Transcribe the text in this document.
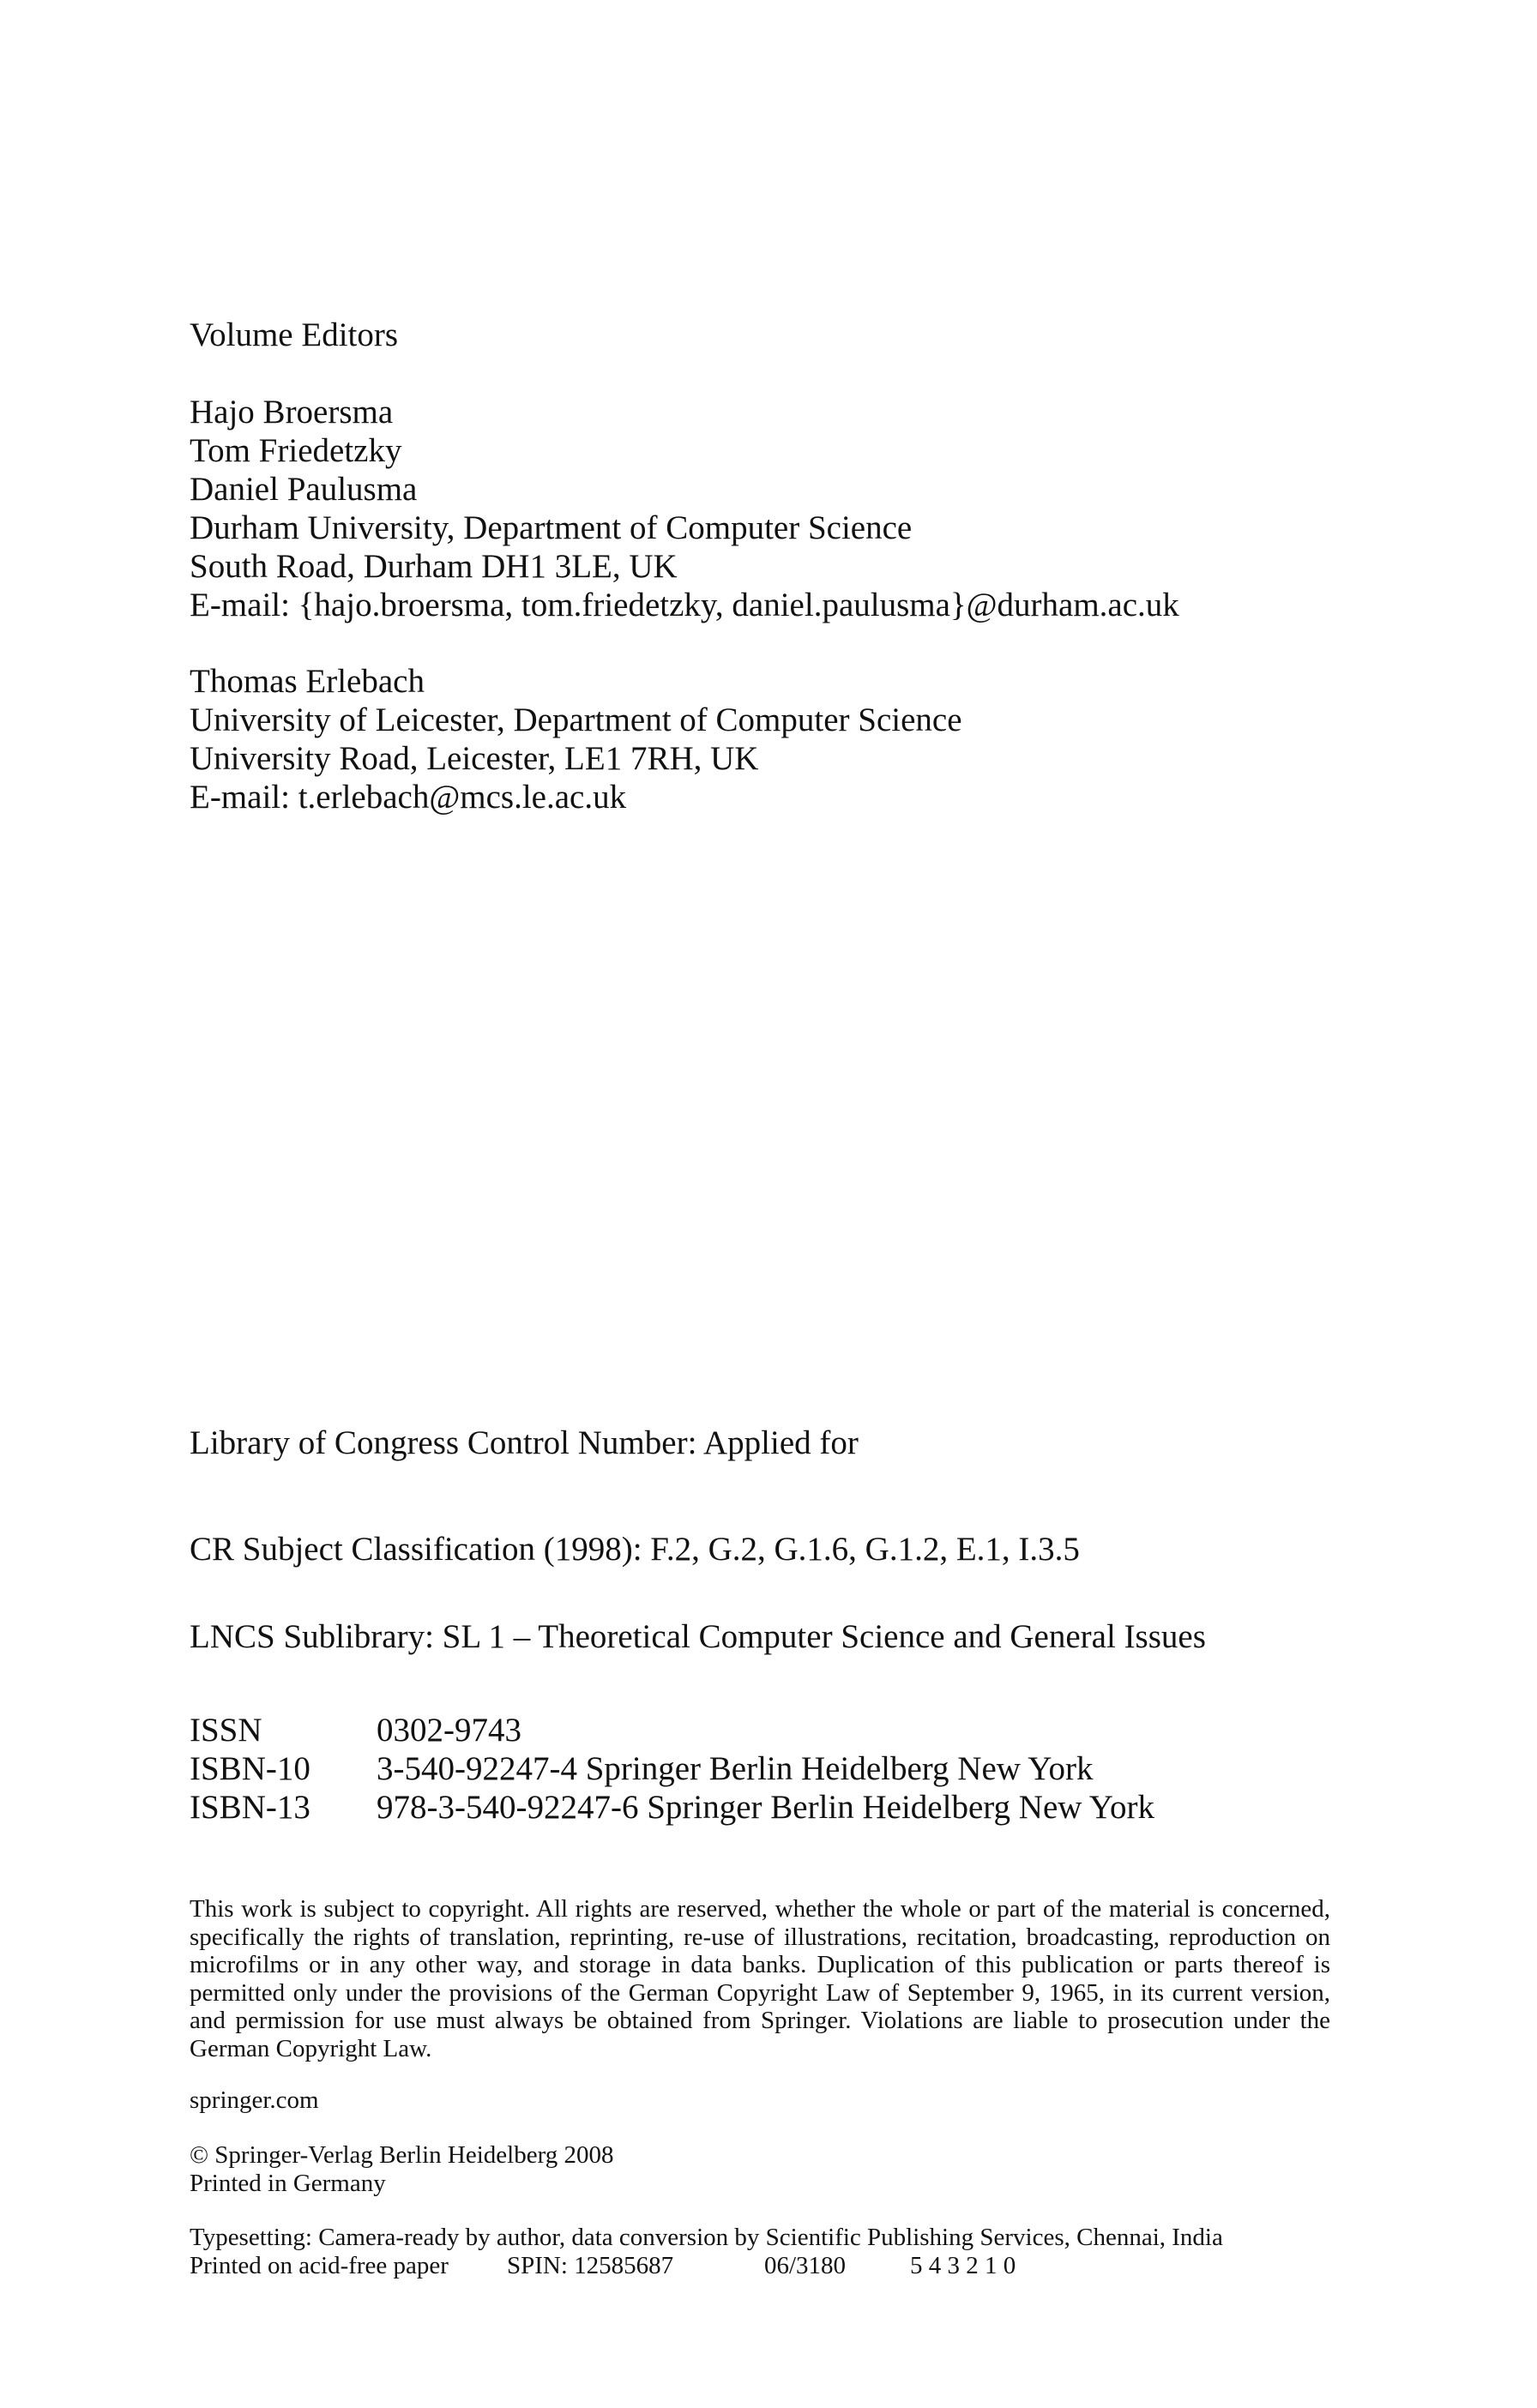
Volume Editors
Hajo Broersma
Tom Friedetzky
Daniel Paulusma
Durham University, Department of Computer Science
South Road, Durham DH1 3LE, UK
E-mail: {hajo.broersma, tom.friedetzky, daniel.paulusma}@durham.ac.uk
Thomas Erlebach
University of Leicester, Department of Computer Science
University Road, Leicester, LE1 7RH, UK
E-mail: t.erlebach@mcs.le.ac.uk
Library of Congress Control Number: Applied for
CR Subject Classification (1998): F.2, G.2, G.1.6, G.1.2, E.1, I.3.5
LNCS Sublibrary: SL 1 – Theoretical Computer Science and General Issues
ISSN	0302-9743
ISBN-10	3-540-92247-4 Springer Berlin Heidelberg New York
ISBN-13	978-3-540-92247-6 Springer Berlin Heidelberg New York
This work is subject to copyright. All rights are reserved, whether the whole or part of the material is concerned, specifically the rights of translation, reprinting, re-use of illustrations, recitation, broadcasting, reproduction on microfilms or in any other way, and storage in data banks. Duplication of this publication or parts thereof is permitted only under the provisions of the German Copyright Law of September 9, 1965, in its current version, and permission for use must always be obtained from Springer. Violations are liable to prosecution under the German Copyright Law.
springer.com
© Springer-Verlag Berlin Heidelberg 2008
Printed in Germany
Typesetting: Camera-ready by author, data conversion by Scientific Publishing Services, Chennai, India
Printed on acid-free paper	SPIN: 12585687	06/3180	5 4 3 2 1 0
